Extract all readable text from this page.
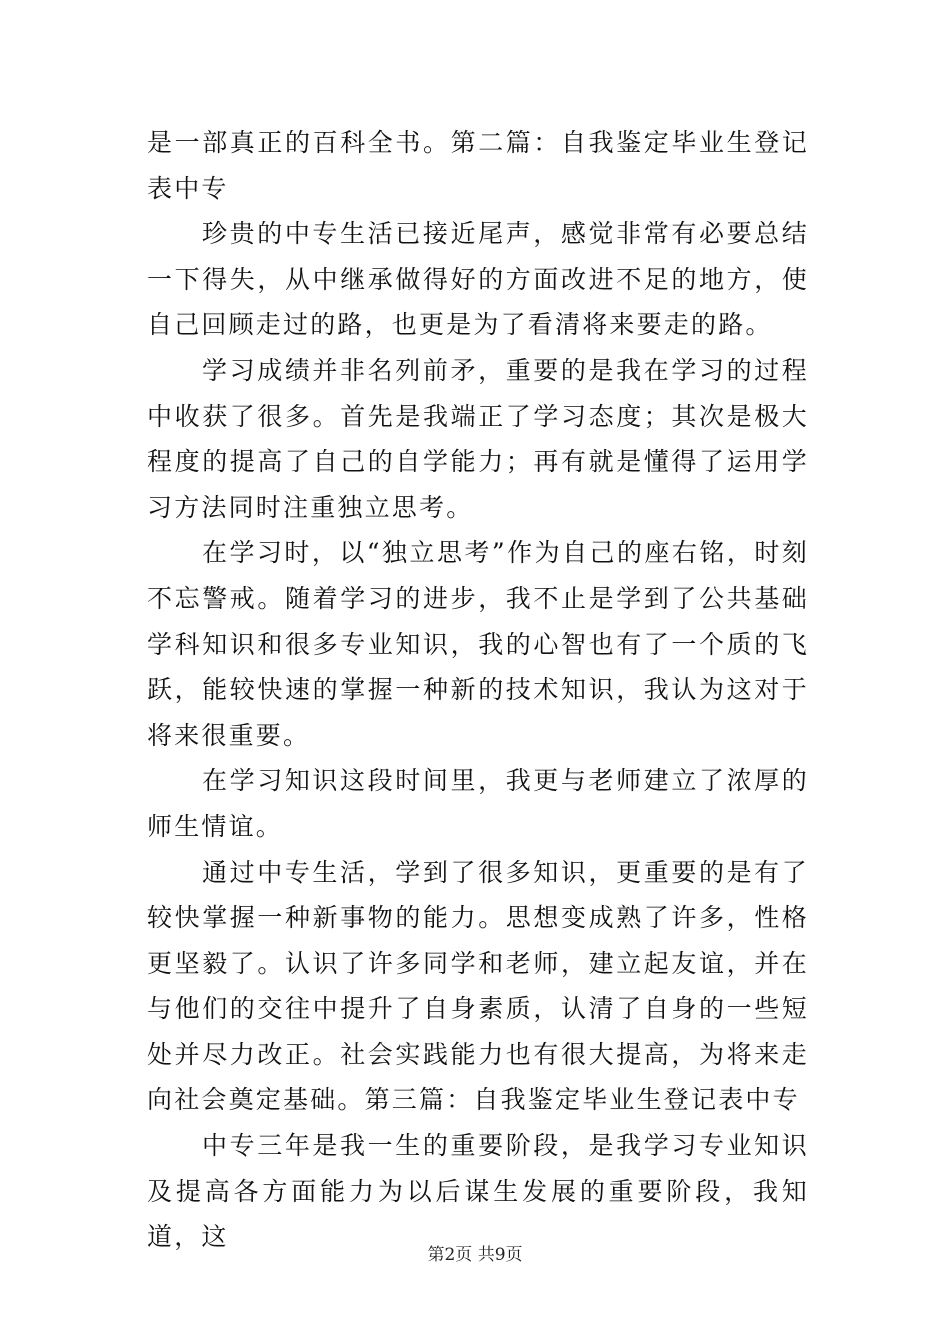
是一部真正的百科全书。第二篇：自我鉴定毕业生登记表中专

珍贵的中专生活已接近尾声，感觉非常有必要总结一下得失，从中继承做得好的方面改进不足的地方，使自己回顾走过的路，也更是为了看清将来要走的路。

学习成绩并非名列前矛，重要的是我在学习的过程中收获了很多。首先是我端正了学习态度；其次是极大程度的提高了自己的自学能力；再有就是懂得了运用学习方法同时注重独立思考。

在学习时，以“独立思考”作为自己的座右铭，时刻不忘警戒。随着学习的进步，我不止是学到了公共基础学科知识和很多专业知识，我的心智也有了一个质的飞跃，能较快速的掌握一种新的技术知识，我认为这对于将来很重要。

在学习知识这段时间里，我更与老师建立了浓厚的师生情谊。

通过中专生活，学到了很多知识，更重要的是有了较快掌握一种新事物的能力。思想变成熟了许多，性格更坚毅了。认识了许多同学和老师，建立起友谊，并在与他们的交往中提升了自身素质，认清了自身的一些短处并尽力改正。社会实践能力也有很大提高，为将来走向社会奠定基础。第三篇：自我鉴定毕业生登记表中专

中专三年是我一生的重要阶段，是我学习专业知识及提高各方面能力为以后谋生发展的重要阶段，我知道，这

第2页 共9页
